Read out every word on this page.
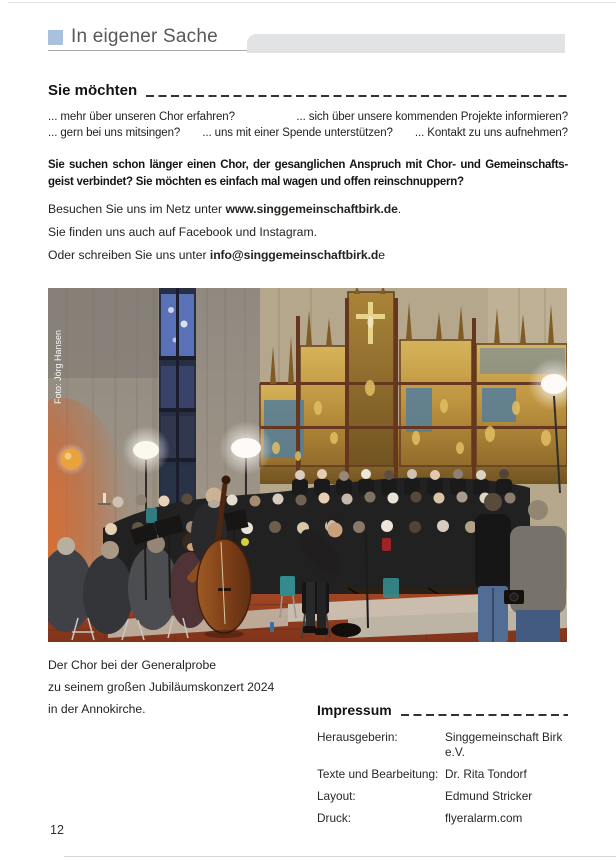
In eigener Sache
Sie möchten
... mehr über unseren Chor erfahren?	... sich über unsere kommenden Projekte informieren?
... gern bei uns mitsingen? ... uns mit einer Spende unterstützen? ... Kontakt zu uns aufnehmen?
Sie suchen schon länger einen Chor, der gesanglichen Anspruch mit Chor- und Gemeinschafts-
geist verbindet? Sie möchten es einfach mal wagen und offen reinschnuppern?
Besuchen Sie uns im Netz unter www.singgemeinschaftbirk.de.
Sie finden uns auch auf Facebook und Instagram.
Oder schreiben Sie uns unter info@singgemeinschaftbirk.de
Foto: Jörg Hansen
Der Chor bei der Generalprobe
zu seinem großen Jubiläumskonzert 2024
in der Annokirche.	Impressum
Herausgeberin:	Singgemeinschaft Birk e.V.
Texte und Bearbeitung: Dr. Rita Tondorf
Layout:	Edmund Stricker
Druck:	flyeralarm.com
12
